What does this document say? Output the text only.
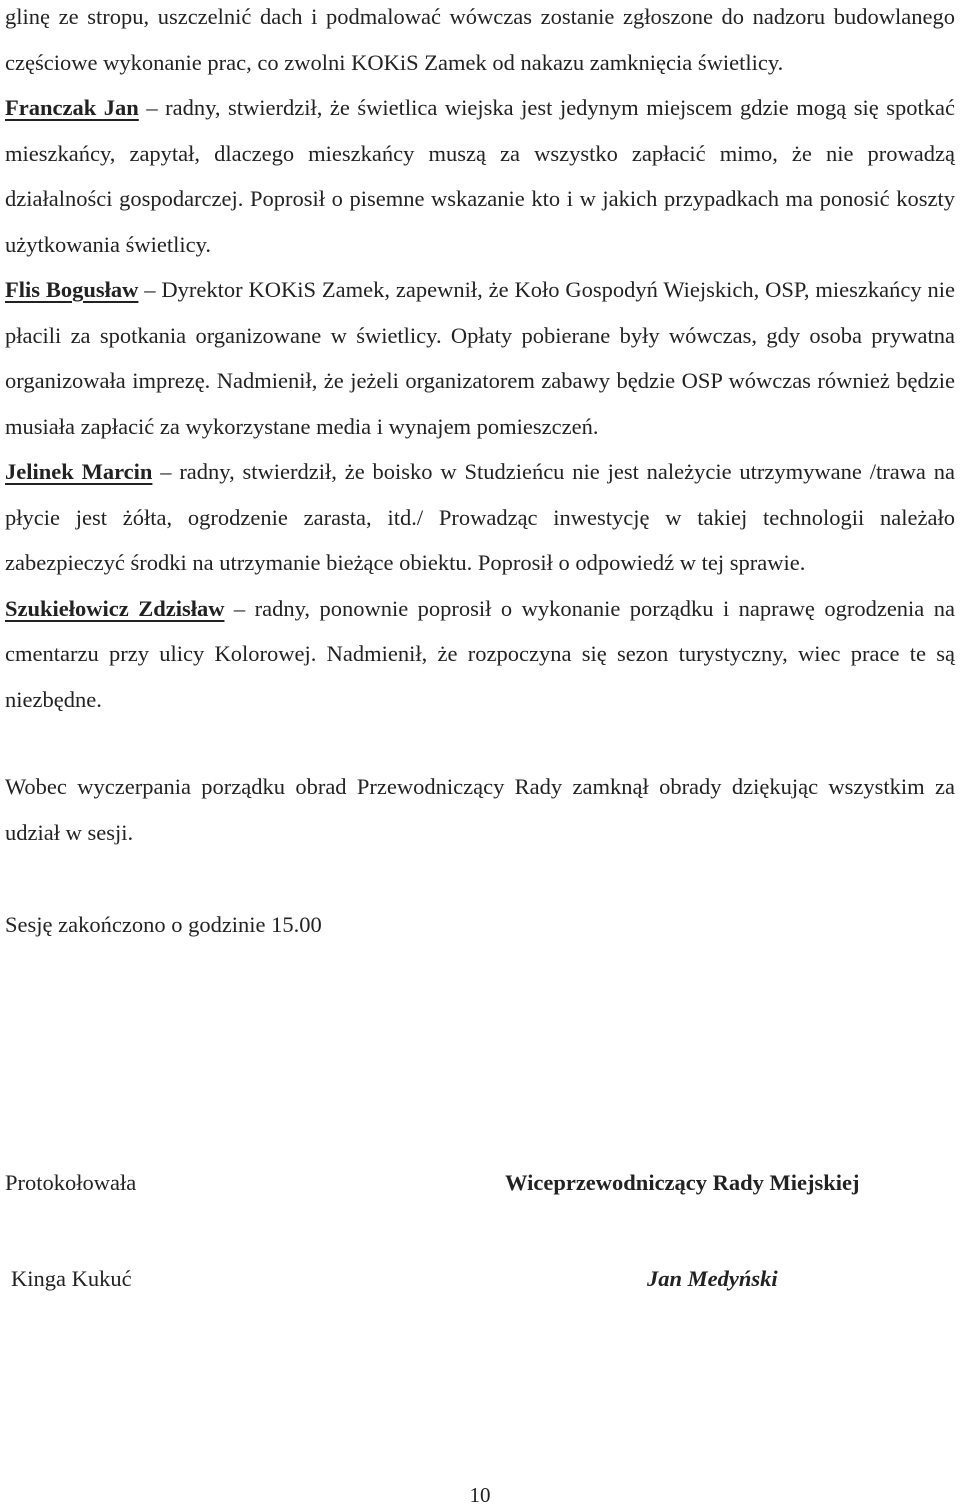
glinę ze stropu, uszczelnić dach i podmalować wówczas zostanie zgłoszone do nadzoru budowlanego częściowe wykonanie prac, co zwolni KOKiS Zamek od nakazu zamknięcia świetlicy.

Franczak Jan – radny, stwierdził, że świetlica wiejska jest jedynym miejscem gdzie mogą się spotkać mieszkańcy, zapytał, dlaczego mieszkańcy muszą za wszystko zapłacić mimo, że nie prowadzą działalności gospodarczej. Poprosił o pisemne wskazanie kto i w jakich przypadkach ma ponosić koszty użytkowania świetlicy.

Flis Bogusław – Dyrektor KOKiS Zamek, zapewnił, że Koło Gospodyń Wiejskich, OSP, mieszkańcy nie płacili za spotkania organizowane w świetlicy. Opłaty pobierane były wówczas, gdy osoba prywatna organizowała imprezę. Nadmienił, że jeżeli organizatorem zabawy będzie OSP wówczas również będzie musiała zapłacić za wykorzystane media i wynajem pomieszczeń.

Jelinek Marcin – radny, stwierdził, że boisko w Studzieńcu nie jest należycie utrzymywane /trawa na płycie jest żółta, ogrodzenie zarasta, itd./ Prowadząc inwestycję w takiej technologii należało zabezpieczyć środki na utrzymanie bieżące obiektu. Poprosił o odpowiedź w tej sprawie.

Szukiełowicz Zdzisław – radny, ponownie poprosił o wykonanie porządku i naprawę ogrodzenia na cmentarzu przy ulicy Kolorowej. Nadmienił, że rozpoczyna się sezon turystyczny, wiec prace te są niezbędne.

Wobec wyczerpania porządku obrad Przewodniczący Rady zamknął obrady dziękując wszystkim za udział w sesji.

Sesję zakończono o godzinie 15.00

Protokołowała	Wiceprzewodniczący Rady Miejskiej
Kinga Kukuć	Jan Medyński
10
